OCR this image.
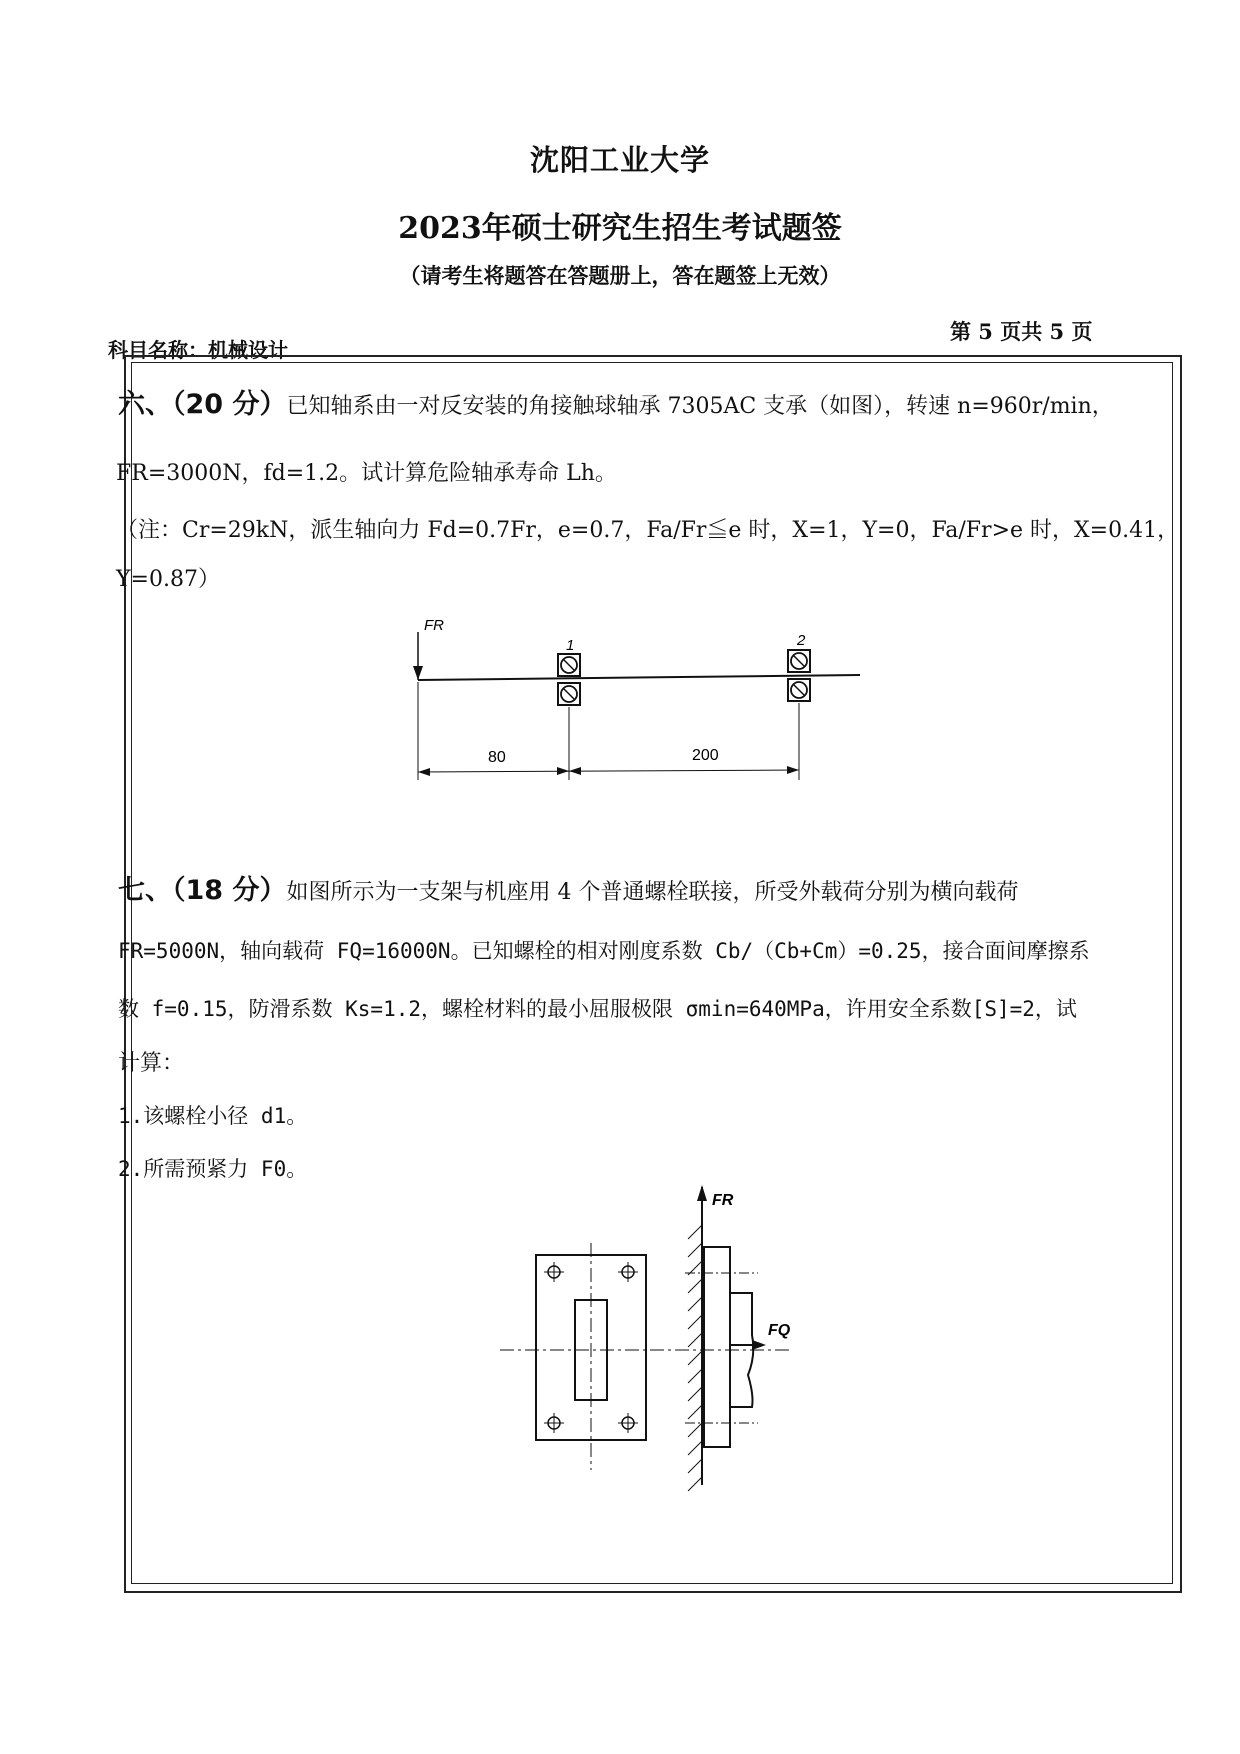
沈阳工业大学
2023年硕士研究生招生考试题签
（请考生将题答在答题册上，答在题签上无效）
科目名称：机械设计
第 5 页共 5 页
六、（20 分）已知轴系由一对反安装的角接触球轴承 7305AC 支承（如图），转速 n=960r/min，
FR=3000N，fd=1.2。试计算危险轴承寿命 Lh。
（注：Cr=29kN，派生轴向力 Fd=0.7Fr，e=0.7，Fa/Fr≦e 时，X=1，Y=0，Fa/Fr>e 时，X=0.41，
Y=0.87）
FR
1	2
80	200
七、（18 分）如图所示为一支架与机座用 4 个普通螺栓联接，所受外载荷分别为横向载荷
FR=5000N，轴向载荷 FQ=16000N。已知螺栓的相对刚度系数 Cb/（Cb+Cm）=0.25，接合面间摩擦系
数 f=0.15，防滑系数 Ks=1.2，螺栓材料的最小屈服极限 σmin=640MPa，许用安全系数[S]=2，试
计算：
1.该螺栓小径 d1。
2.所需预紧力 F0。
FR
FQ
